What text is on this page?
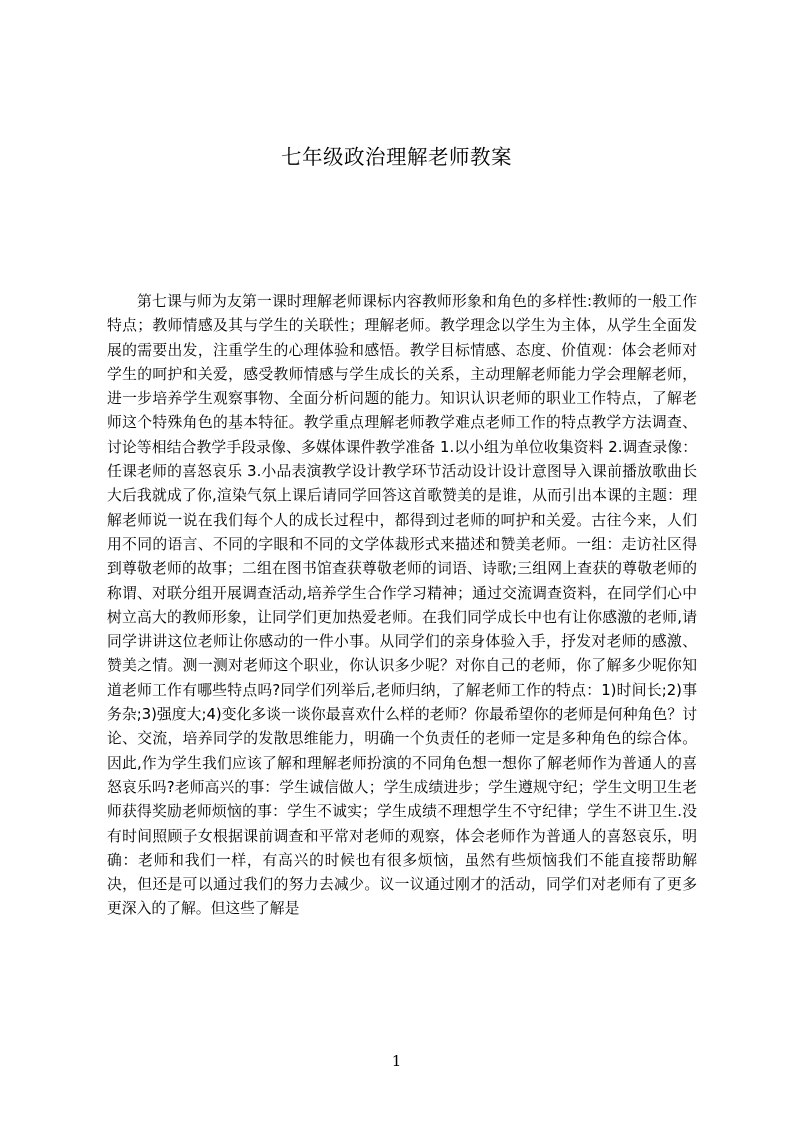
七年级政治理解老师教案
第七课与师为友第一课时理解老师课标内容教师形象和角色的多样性:教师的一般工作特点；教师情感及其与学生的关联性；理解老师。教学理念以学生为主体，从学生全面发展的需要出发，注重学生的心理体验和感悟。教学目标情感、态度、价值观：体会老师对学生的呵护和关爱，感受教师情感与学生成长的关系，主动理解老师能力学会理解老师，进一步培养学生观察事物、全面分析问题的能力。知识认识老师的职业工作特点，了解老师这个特殊角色的基本特征。教学重点理解老师教学难点老师工作的特点教学方法调查、讨论等相结合教学手段录像、多媒体课件教学准备 1.以小组为单位收集资料 2.调查录像：任课老师的喜怒哀乐 3.小品表演教学设计教学环节活动设计设计意图导入课前播放歌曲长大后我就成了你,渲染气氛上课后请同学回答这首歌赞美的是谁，从而引出本课的主题：理解老师说一说在我们每个人的成长过程中，都得到过老师的呵护和关爱。古往今来，人们用不同的语言、不同的字眼和不同的文学体裁形式来描述和赞美老师。一组：走访社区得到尊敬老师的故事；二组在图书馆查获尊敬老师的词语、诗歌;三组网上查获的尊敬老师的称谓、对联分组开展调查活动,培养学生合作学习精神；通过交流调查资料，在同学们心中树立高大的教师形象，让同学们更加热爱老师。在我们同学成长中也有让你感激的老师,请同学讲讲这位老师让你感动的一件小事。从同学们的亲身体验入手，抒发对老师的感激、赞美之情。测一测对老师这个职业，你认识多少呢？对你自己的老师，你了解多少呢你知道老师工作有哪些特点吗?同学们列举后,老师归纳，了解老师工作的特点：1)时间长;2)事务杂;3)强度大;4)变化多谈一谈你最喜欢什么样的老师？你最希望你的老师是何种角色？讨论、交流，培养同学的发散思维能力，明确一个负责任的老师一定是多种角色的综合体。因此,作为学生我们应该了解和理解老师扮演的不同角色想一想你了解老师作为普通人的喜怒哀乐吗?老师高兴的事：学生诚信做人；学生成绩进步；学生遵规守纪；学生文明卫生老师获得奖励老师烦恼的事：学生不诚实；学生成绩不理想学生不守纪律；学生不讲卫生.没有时间照顾子女根据课前调查和平常对老师的观察，体会老师作为普通人的喜怒哀乐，明确：老师和我们一样，有高兴的时候也有很多烦恼，虽然有些烦恼我们不能直接帮助解决，但还是可以通过我们的努力去减少。议一议通过刚才的活动，同学们对老师有了更多更深入的了解。但这些了解是
1
